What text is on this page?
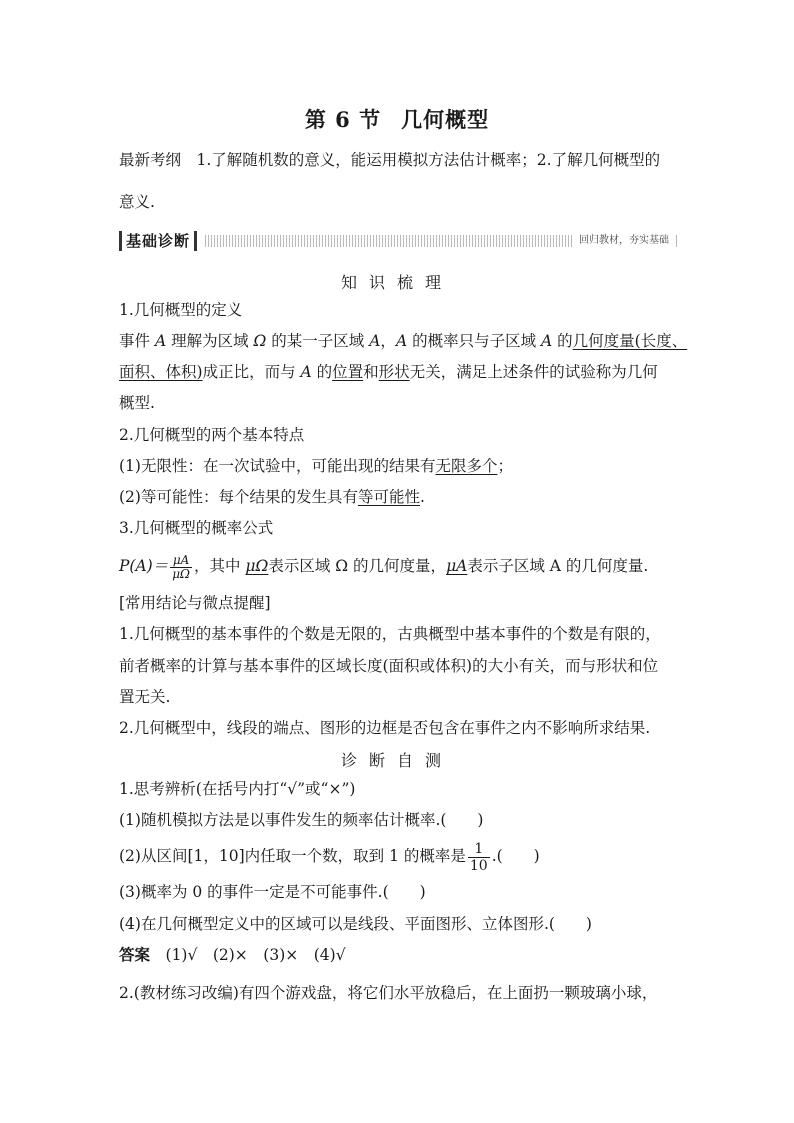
第 6 节 几何概型
最新考纲　1.了解随机数的意义，能运用模拟方法估计概率；2.了解几何概型的
意义.
基础诊断	回归教材，夯实基础
知识梳理
1.几何概型的定义
事件 A 理解为区域 Ω 的某一子区域 A，A 的概率只与子区域 A 的几何度量(长度、
面积、体积)成正比，而与 A 的位置和形状无关，满足上述条件的试验称为几何
概型.
2.几何概型的两个基本特点
(1)无限性：在一次试验中，可能出现的结果有无限多个；
(2)等可能性：每个结果的发生具有等可能性.
3.几何概型的概率公式
$P(A)= \frac{\mu A}{\mu\Omega}$ ，其中 μΩ表示区域 Ω 的几何度量，μA表示子区域 A 的几何度量.
[常用结论与微点提醒]
1.几何概型的基本事件的个数是无限的，古典概型中基本事件的个数是有限的，
前者概率的计算与基本事件的区域长度(面积或体积)的大小有关，而与形状和位
置无关.
2.几何概型中，线段的端点、图形的边框是否包含在事件之内不影响所求结果.
诊断自测
1.思考辨析(在括号内打“√”或“×”)
(1)随机模拟方法是以事件发生的频率估计概率.(　　)
(2)从区间[1，10]内任取一个数，取到 1 的概率是 $\frac{1}{10}$ .(　　)
(3)概率为 0 的事件一定是不可能事件.(　　)
(4)在几何概型定义中的区域可以是线段、平面图形、立体图形.(　　)
答案　(1)√　(2)×　(3)×　(4)√
2.(教材练习改编)有四个游戏盘，将它们水平放稳后，在上面扔一颗玻璃小球，
